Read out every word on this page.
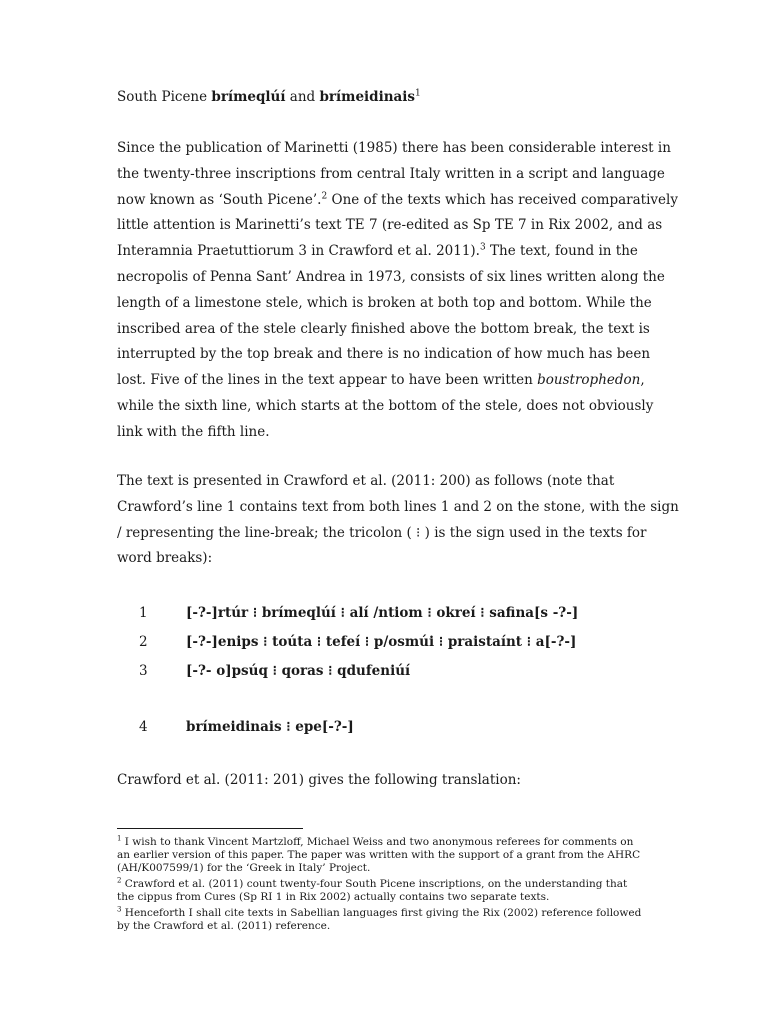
South Picene brímeqlúí and brímeidinais$^1$
Since the publication of Marinetti (1985) there has been considerable interest in
the twenty-three inscriptions from central Italy written in a script and language
now known as ‘South Picene’.$^2$ One of the texts which has received comparatively
little attention is Marinetti’s text TE 7 (re-edited as Sp TE 7 in Rix 2002, and as
Interamnia Praetuttiorum 3 in Crawford et al. 2011).$^3$ The text, found in the
necropolis of Penna Sant’ Andrea in 1973, consists of six lines written along the
length of a limestone stele, which is broken at both top and bottom. While the
inscribed area of the stele clearly finished above the bottom break, the text is
interrupted by the top break and there is no indication of how much has been
lost. Five of the lines in the text appear to have been written boustrophedon,
while the sixth line, which starts at the bottom of the stele, does not obviously
link with the fifth line.
The text is presented in Crawford et al. (2011: 200) as follows (note that
Crawford’s line 1 contains text from both lines 1 and 2 on the stone, with the sign
/ representing the line-break; the tricolon ( ⁝ ) is the sign used in the texts for
word breaks):
1	[-?-]rtúr ⁝ brímeqlúí ⁝ alí /ntiom ⁝ okreí ⁝ safina[s -?-]
2	[-?-]enips ⁝ toúta ⁝ tefeí ⁝ p/osmúi ⁝ praistaínt ⁝ a[-?-]
3	[-?- o]psúq ⁝ qoras ⁝ qdufeniúí
4	brímeidinais ⁝ epe[-?-]
Crawford et al. (2011: 201) gives the following translation:
$^1$ I wish to thank Vincent Martzloff, Michael Weiss and two anonymous referees for comments on
an earlier version of this paper. The paper was written with the support of a grant from the AHRC
(AH/K007599/1) for the ‘Greek in Italy’ Project.
$^2$ Crawford et al. (2011) count twenty-four South Picene inscriptions, on the understanding that
the cippus from Cures (Sp RI 1 in Rix 2002) actually contains two separate texts.
$^3$ Henceforth I shall cite texts in Sabellian languages first giving the Rix (2002) reference followed
by the Crawford et al. (2011) reference.
